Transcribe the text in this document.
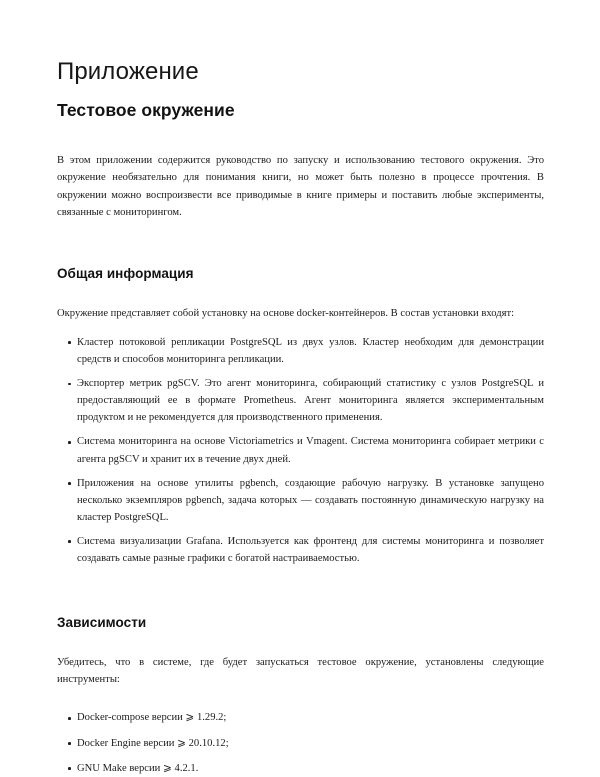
Приложение
Тестовое окружение

В этом приложении содержится руководство по запуску и использованию тестового окружения. Это окружение необязательно для понимания книги, но может быть полезно в процессе прочтения. В окружении можно воспроизвести все приводимые в книге примеры и поставить любые эксперименты, связанные с мониторингом.

Общая информация

Окружение представляет собой установку на основе docker-контейнеров. В состав установки входят:

Кластер потоковой репликации PostgreSQL из двух узлов. Кластер необходим для демонстрации средств и способов мониторинга репликации.
Экспортер метрик pgSCV. Это агент мониторинга, собирающий статистику с узлов PostgreSQL и предоставляющий ее в формате Prometheus. Агент мониторинга является экспериментальным продуктом и не рекомендуется для производственного применения.
Система мониторинга на основе Victoriametrics и Vmagent. Система мониторинга собирает метрики с агента pgSCV и хранит их в течение двух дней.
Приложения на основе утилиты pgbench, создающие рабочую нагрузку. В установке запущено несколько экземпляров pgbench, задача которых — создавать постоянную динамическую нагрузку на кластер PostgreSQL.
Система визуализации Grafana. Используется как фронтенд для системы мониторинга и позволяет создавать самые разные графики с богатой настраиваемостью.
Зависимости

Убедитесь, что в системе, где будет запускаться тестовое окружение, установлены следующие инструменты:

Docker-compose версии ⩾ 1.29.2;
Docker Engine версии ⩾ 20.10.12;
GNU Make версии ⩾ 4.2.1.
